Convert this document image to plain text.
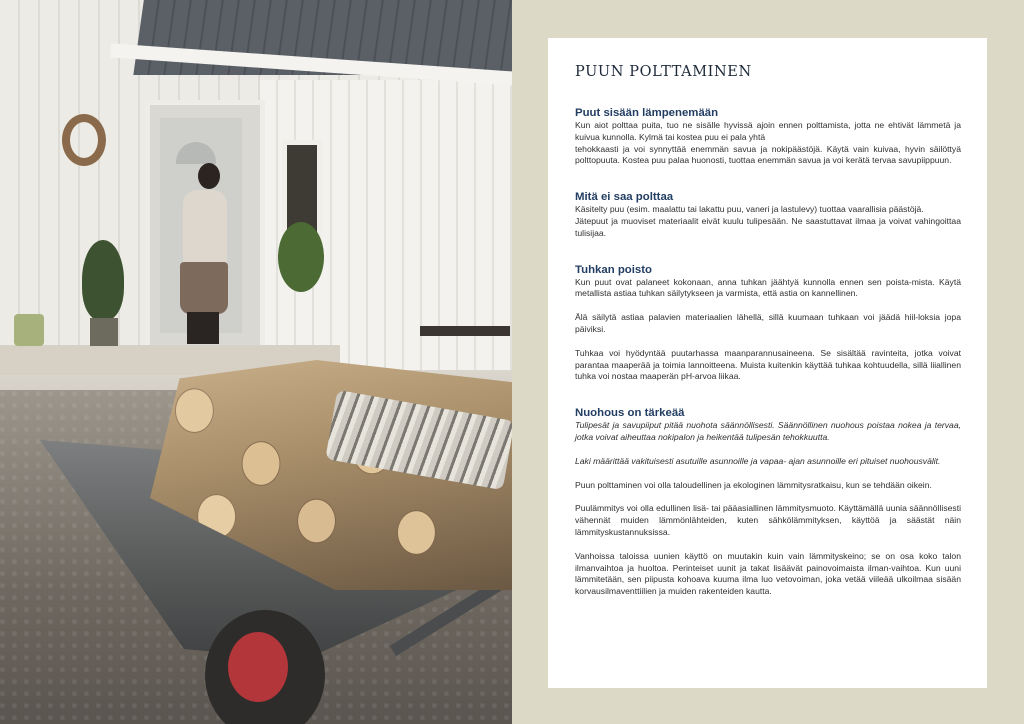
PUUN POLTTAMINEN
Puut sisään lämpenemään

Kun aiot polttaa puita, tuo ne sisälle hyvissä ajoin ennen polttamista, jotta ne ehtivät lämmetä ja kuivua kunnolla. Kylmä tai kostea puu ei pala yhtä

tehokkaasti ja voi synnyttää enemmän savua ja nokipäästöjä. Käytä vain kuivaa, hyvin säilöttyä polttopuuta. Kostea puu palaa huonosti, tuottaa enemmän savua ja voi kerätä tervaa savupiippuun.

Mitä ei saa polttaa

Käsitelty puu (esim. maalattu tai lakattu puu, vaneri ja lastulevy) tuottaa vaarallisia päästöjä.

Jätepuut ja muoviset materiaalit eivät kuulu tulipesään. Ne saastuttavat ilmaa ja voivat vahingoittaa tulisijaa.

Tuhkan poisto

Kun puut ovat palaneet kokonaan, anna tuhkan jäähtyä kunnolla ennen sen poista-mista. Käytä metallista astiaa tuhkan säilytykseen ja varmista, että astia on kannellinen.

Älä säilytä astiaa palavien materiaalien lähellä, sillä kuumaan tuhkaan voi jäädä hiil-loksia jopa päiviksi.

Tuhkaa voi hyödyntää puutarhassa maanparannusaineena. Se sisältää ravinteita, jotka voivat parantaa maaperää ja toimia lannoitteena. Muista kuitenkin käyttää tuhkaa kohtuudella, sillä liiallinen tuhka voi nostaa maaperän pH-arvoa liikaa.

Nuohous on tärkeää

Tulipesät ja savupiiput pitää nuohota säännöllisesti. Säännöllinen nuohous poistaa nokea ja tervaa, jotka voivat aiheuttaa nokipalon ja heikentää tulipesän tehokkuutta.

Laki määrittää vakituisesti asutuille asunnoille ja vapaa- ajan asunnoille eri pituiset nuohousvälit.

Puun polttaminen voi olla taloudellinen ja ekologinen lämmitysratkaisu, kun se tehdään oikein.

Puulämmitys voi olla edullinen lisä- tai pääasiallinen lämmitysmuoto. Käyttämällä uunia säännöllisesti vähennät muiden lämmönlähteiden, kuten sähkölämmityksen, käyttöä ja säästät näin lämmityskustannuksissa.

Vanhoissa taloissa uunien käyttö on muutakin kuin vain lämmityskeino; se on osa koko talon ilmanvaihtoa ja huoltoa. Perinteiset uunit ja takat lisäävät painovoimaista ilman-vaihtoa. Kun uuni lämmitetään, sen piipusta kohoava kuuma ilma luo vetovoiman, joka vetää viileää ulkoilmaa sisään korvausilmaventtiilien ja muiden rakenteiden kautta.
